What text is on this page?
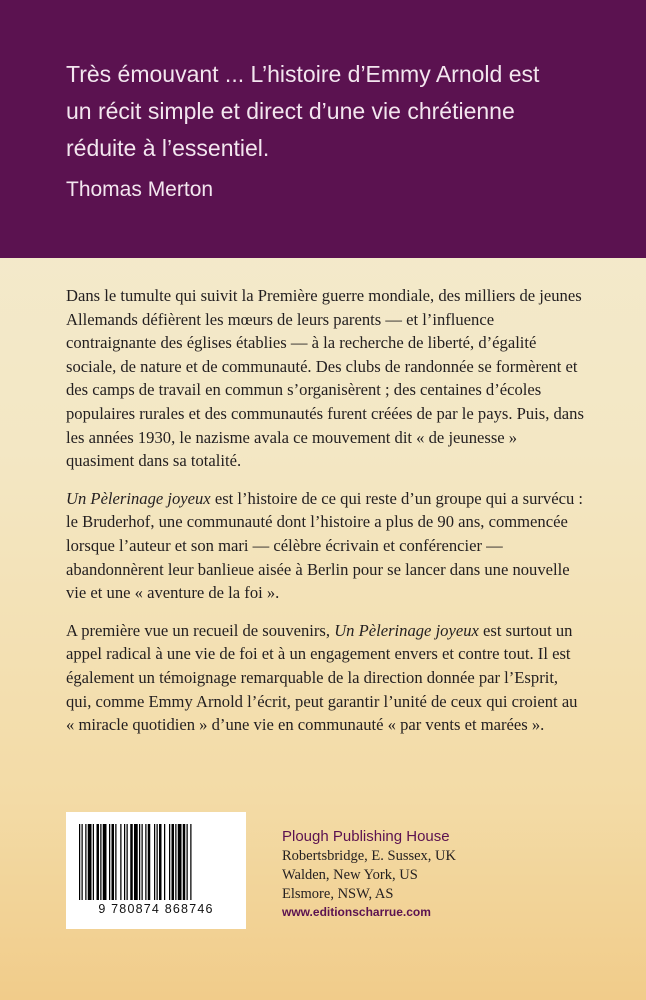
Très émouvant ... L’histoire d’Emmy Arnold est
un récit simple et direct d’une vie chrétienne
réduite à l’essentiel.

Thomas Merton

Dans le tumulte qui suivit la Première guerre mondiale, des milliers de jeunes Allemands défièrent les mœurs de leurs parents — et l’influence contraignante des églises établies — à la recherche de liberté, d’égalité sociale, de nature et de communauté. Des clubs de randonnée se formèrent et des camps de travail en commun s’organisèrent ; des centaines d’écoles populaires rurales et des communautés furent créées de par le pays. Puis, dans les années 1930, le nazisme avala ce mouvement dit « de jeunesse » quasiment dans sa totalité.

Un Pèlerinage joyeux est l’histoire de ce qui reste d’un groupe qui a survécu : le Bruderhof, une communauté dont l’histoire a plus de 90 ans, commencée lorsque l’auteur et son mari — célèbre écrivain et conférencier — abandonnèrent leur banlieue aisée à Berlin pour se lancer dans une nouvelle vie et une « aventure de la foi ».

A première vue un recueil de souvenirs, Un Pèlerinage joyeux est surtout un appel radical à une vie de foi et à un engagement envers et contre tout. Il est également un témoignage remarquable de la direction donnée par l’Esprit, qui, comme Emmy Arnold l’écrit, peut garantir l’unité de ceux qui croient au « miracle quotidien » d’une vie en communauté « par vents et marées ».

9 780874 868746
Plough Publishing House
Robertsbridge, E. Sussex, UK
Walden, New York, US
Elsmore, NSW, AS
www.editionscharrue.com
